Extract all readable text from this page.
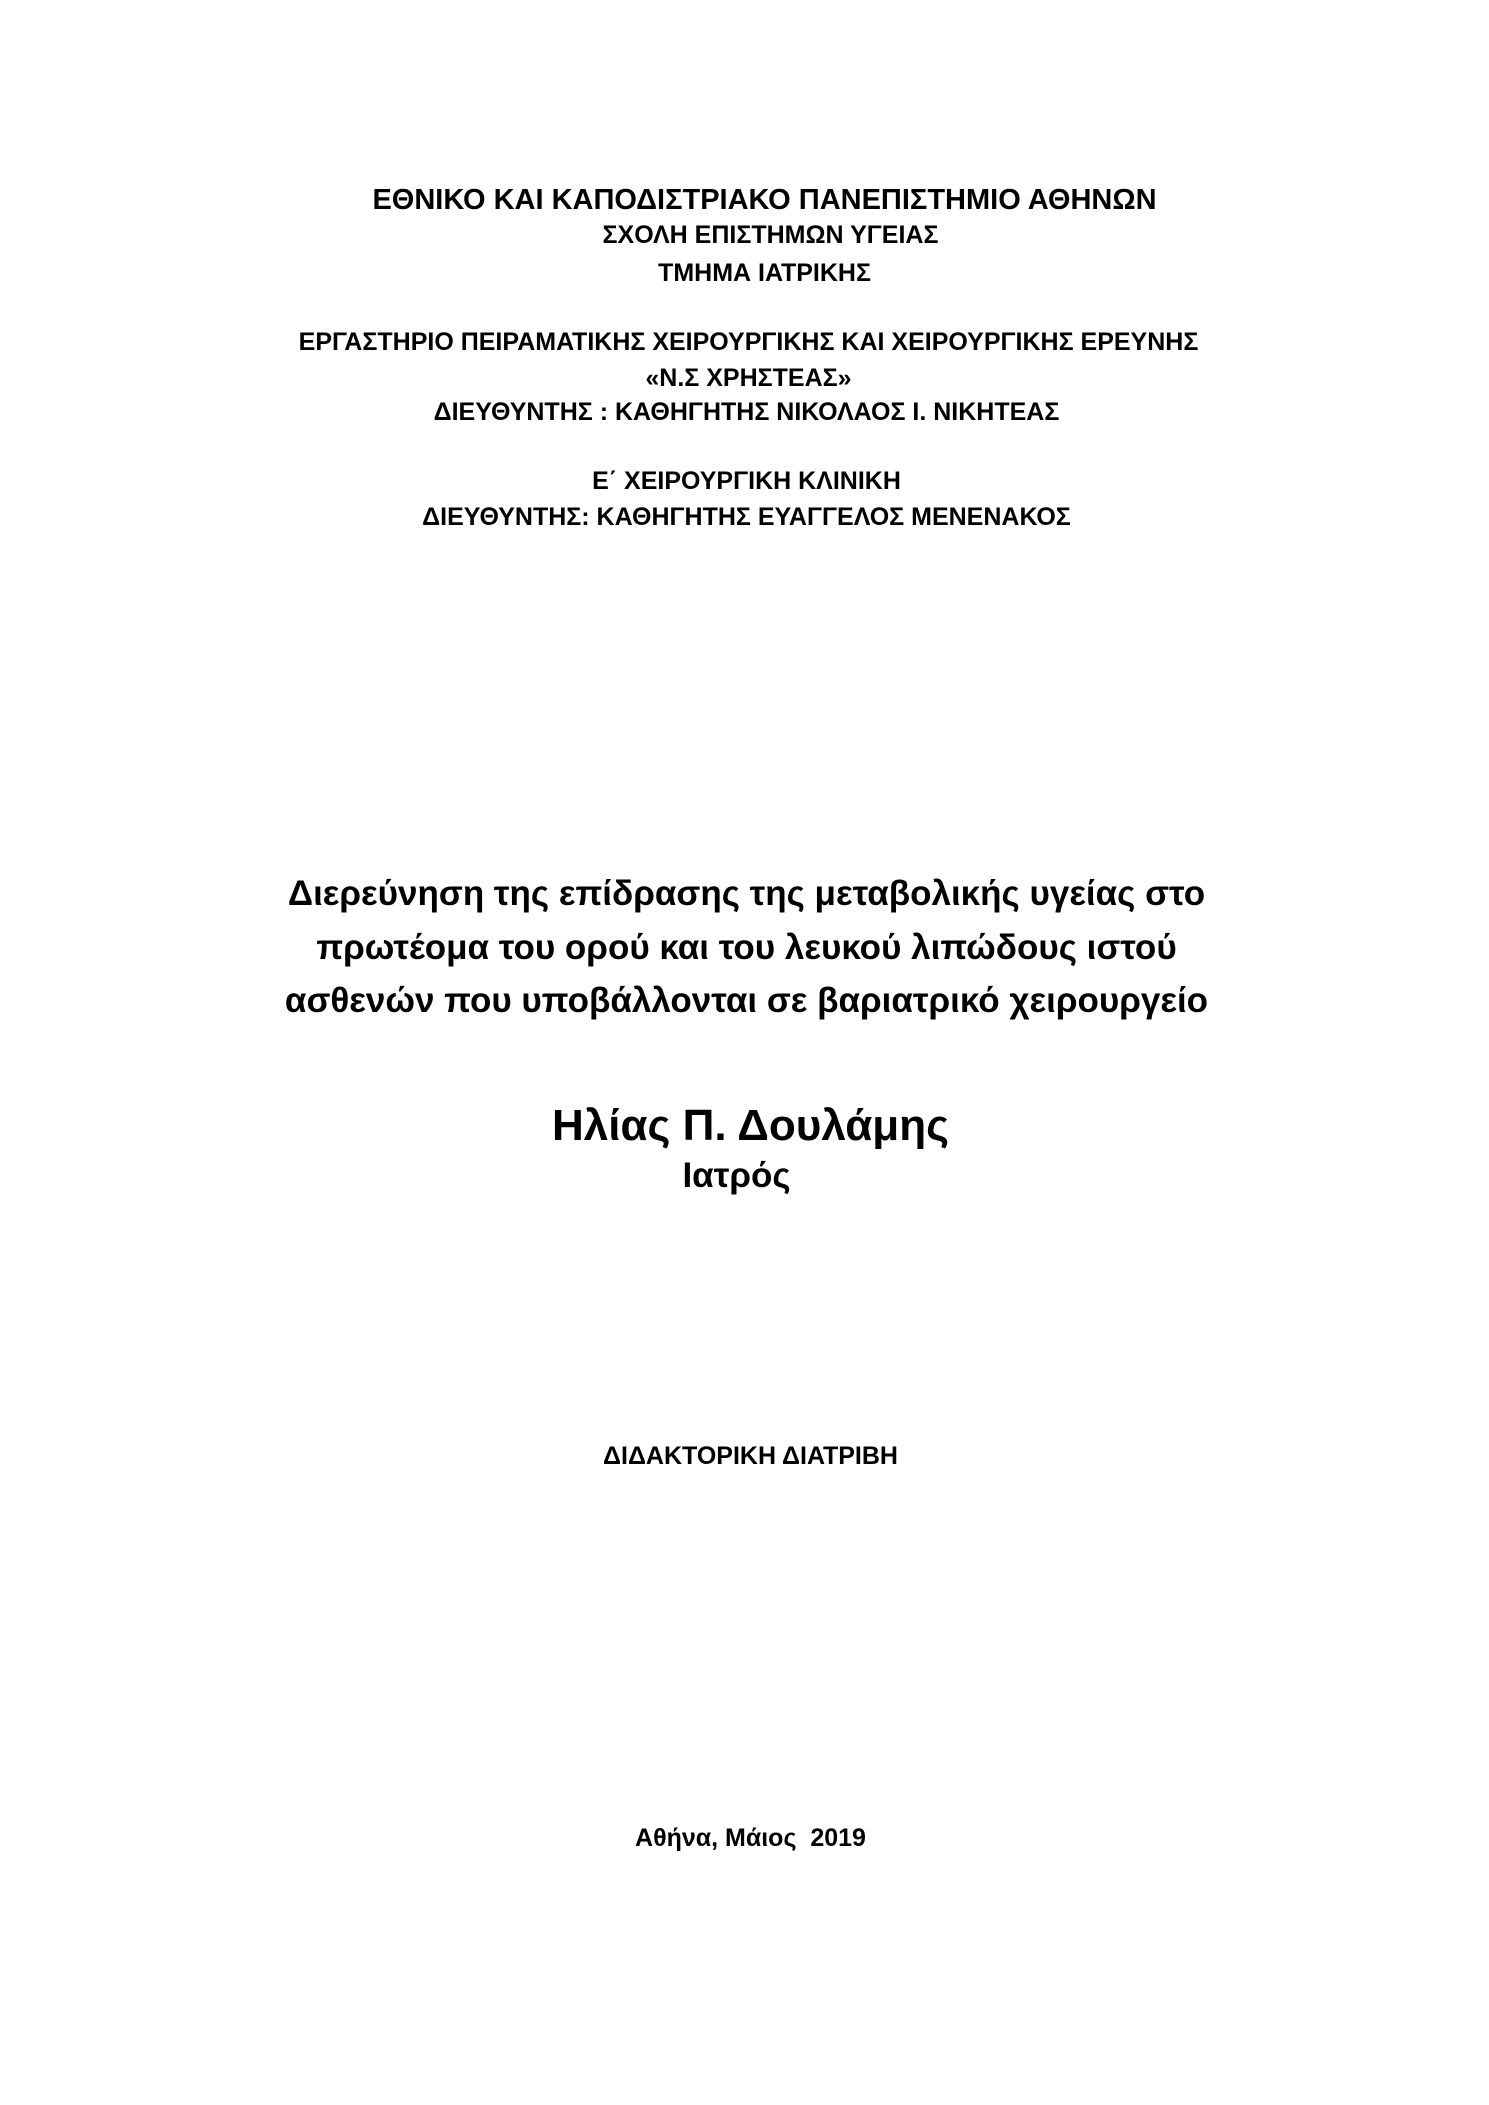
ΕΘΝΙΚΟ ΚΑΙ ΚΑΠΟΔΙΣΤΡΙΑΚΟ ΠΑΝΕΠΙΣΤΗΜΙΟ ΑΘΗΝΩΝ
ΣΧΟΛΗ ΕΠΙΣΤΗΜΩΝ ΥΓΕΙΑΣ
ΤΜΗΜΑ ΙΑΤΡΙΚΗΣ
ΕΡΓΑΣΤΗΡΙΟ ΠΕΙΡΑΜΑΤΙΚΗΣ ΧΕΙΡΟΥΡΓΙΚΗΣ ΚΑΙ ΧΕΙΡΟΥΡΓΙΚΗΣ ΕΡΕΥΝΗΣ
«Ν.Σ ΧΡΗΣΤΕΑΣ»
ΔΙΕΥΘΥΝΤΗΣ : ΚΑΘΗΓΗΤΗΣ ΝΙΚΟΛΑΟΣ Ι. ΝΙΚΗΤΕΑΣ
Ε΄ ΧΕΙΡΟΥΡΓΙΚΗ ΚΛΙΝΙΚΗ
ΔΙΕΥΘΥΝΤΗΣ: ΚΑΘΗΓΗΤΗΣ ΕΥΑΓΓΕΛΟΣ ΜΕΝΕΝΑΚΟΣ
Διερεύνηση της επίδρασης της μεταβολικής υγείας στο
πρωτέομα του ορού και του λευκού λιπώδους ιστού
ασθενών που υποβάλλονται σε βαριατρικό χειρουργείο
Ηλίας Π. Δουλάμης
Ιατρός
ΔΙΔΑΚΤΟΡΙΚΗ ΔΙΑΤΡΙΒΗ
Αθήνα, Μάιος  2019
